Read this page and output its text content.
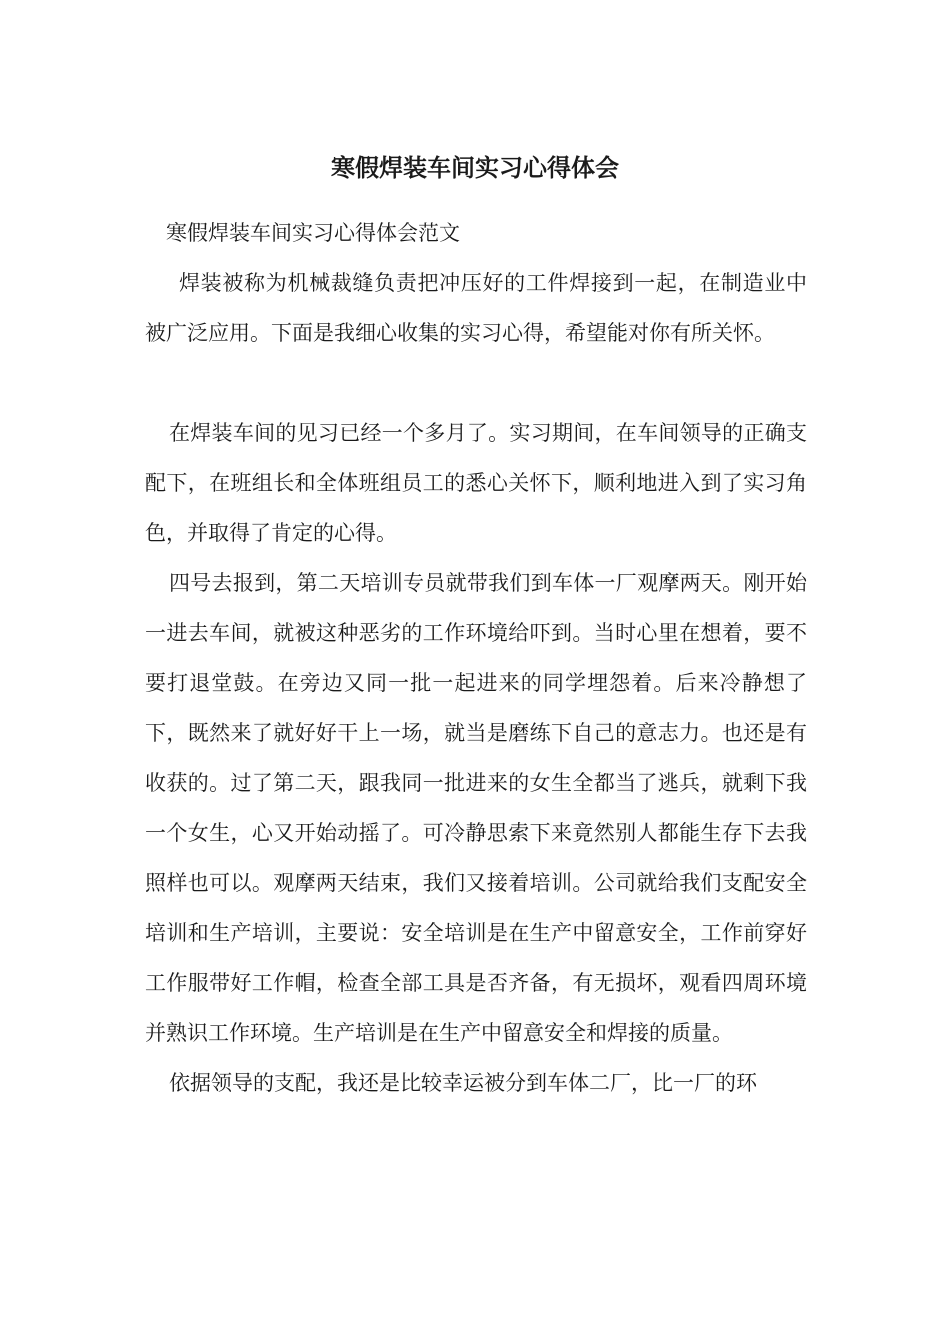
寒假焊装车间实习心得体会

寒假焊装车间实习心得体会范文

焊装被称为机械裁缝负责把冲压好的工件焊接到一起，在制造业中被广泛应用。下面是我细心收集的实习心得，希望能对你有所关怀。

在焊装车间的见习已经一个多月了。实习期间，在车间领导的正确支配下，在班组长和全体班组员工的悉心关怀下，顺利地进入到了实习角色，并取得了肯定的心得。

四号去报到，第二天培训专员就带我们到车体一厂观摩两天。刚开始一进去车间，就被这种恶劣的工作环境给吓到。当时心里在想着，要不要打退堂鼓。在旁边又同一批一起进来的同学埋怨着。后来冷静想了下，既然来了就好好干上一场，就当是磨练下自己的意志力。也还是有收获的。过了第二天，跟我同一批进来的女生全都当了逃兵，就剩下我一个女生，心又开始动摇了。可冷静思索下来竟然别人都能生存下去我照样也可以。观摩两天结束，我们又接着培训。公司就给我们支配安全培训和生产培训，主要说：安全培训是在生产中留意安全，工作前穿好工作服带好工作帽，检查全部工具是否齐备，有无损坏，观看四周环境并熟识工作环境。生产培训是在生产中留意安全和焊接的质量。

依据领导的支配，我还是比较幸运被分到车体二厂，比一厂的环
